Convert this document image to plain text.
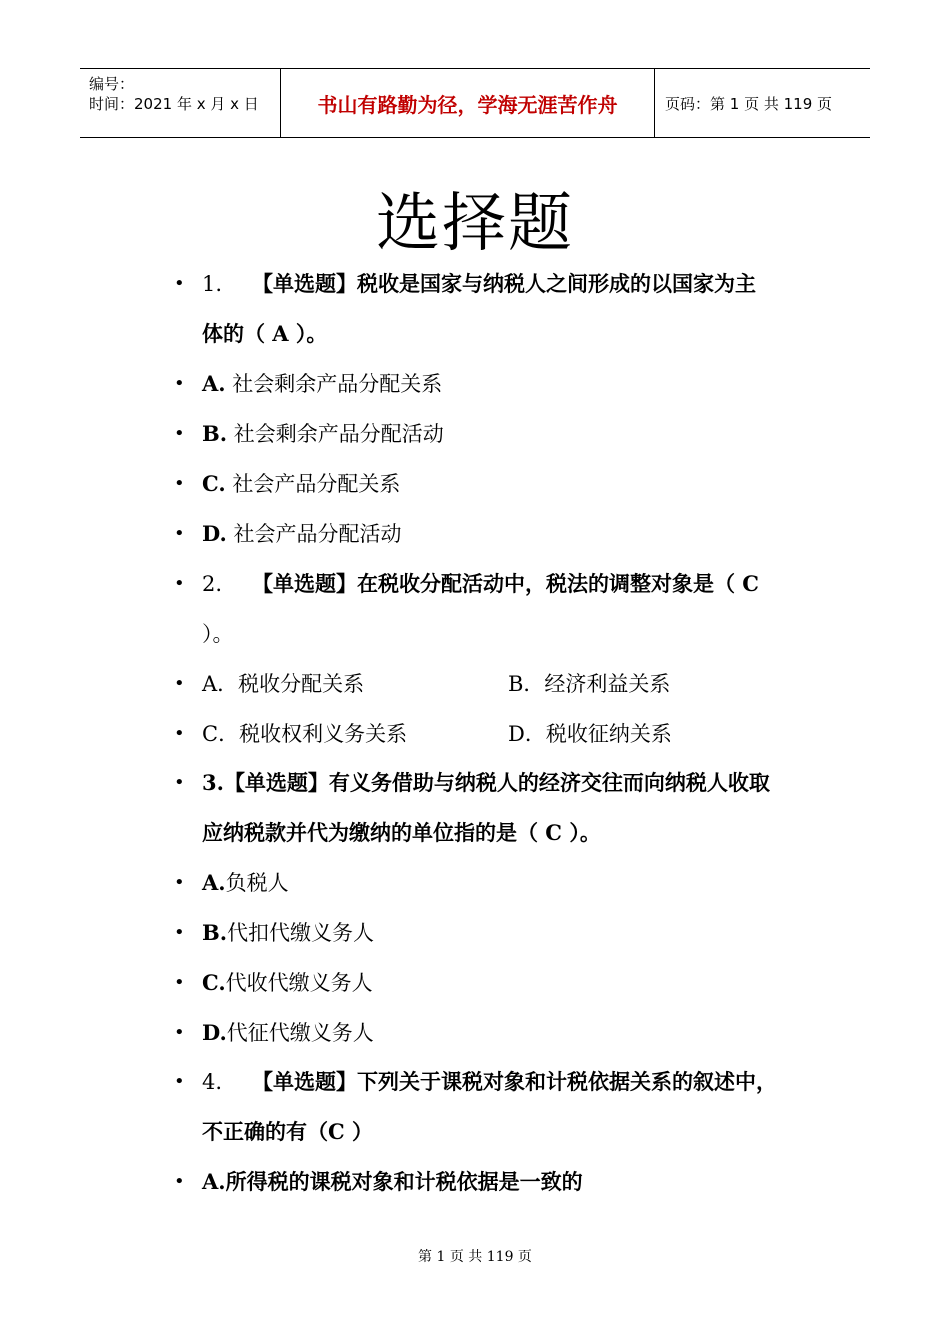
编号：
时间：2021 年 x 月 x 日	书山有路勤为径，学海无涯苦作舟	页码：第 1 页 共 119 页
选择题
• 1. 【单选题】税收是国家与纳税人之间形成的以国家为主
体的（ A ）。
• A. 社会剩余产品分配关系
• B. 社会剩余产品分配活动
• C. 社会产品分配关系
• D. 社会产品分配活动
• 2. 【单选题】在税收分配活动中，税法的调整对象是（ C
）。
• A．税收分配关系	B．经济利益关系
• C．税收权利义务关系	D．税收征纳关系
• 3.【单选题】有义务借助与纳税人的经济交往而向纳税人收取
应纳税款并代为缴纳的单位指的是（ C ）。
• A.负税人
• B.代扣代缴义务人
• C.代收代缴义务人
• D.代征代缴义务人
• 4. 【单选题】下列关于课税对象和计税依据关系的叙述中，
不正确的有（C ）
• A.所得税的课税对象和计税依据是一致的
第 1 页 共 119 页
